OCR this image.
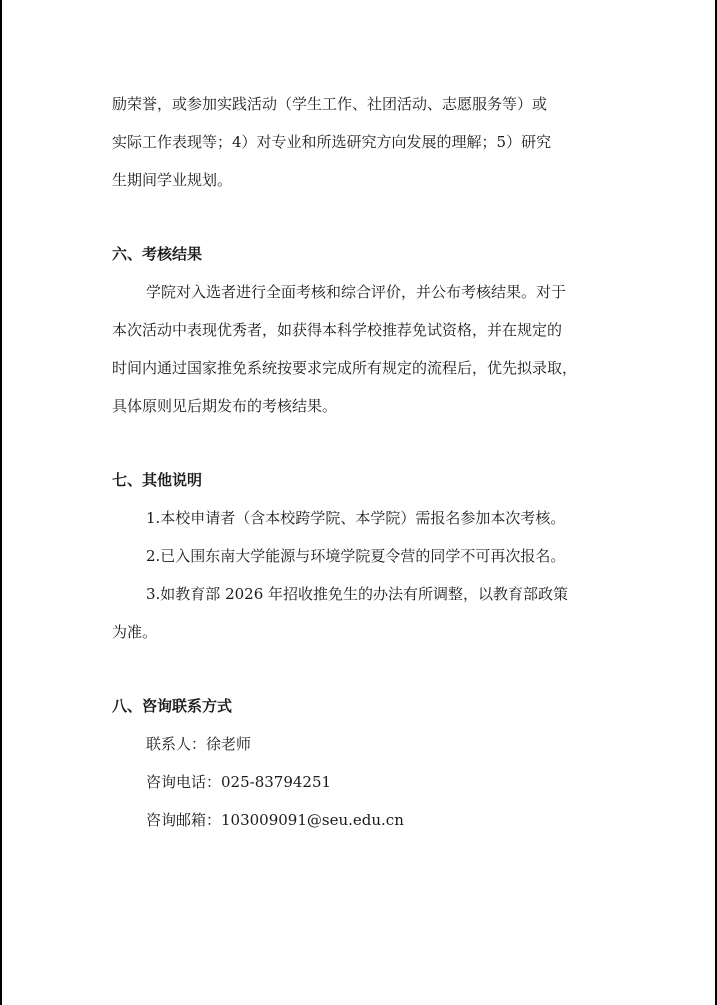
励荣誉，或参加实践活动（学生工作、社团活动、志愿服务等）或
实际工作表现等；4）对专业和所选研究方向发展的理解；5）研究
生期间学业规划。
六、考核结果
学院对入选者进行全面考核和综合评价，并公布考核结果。对于
本次活动中表现优秀者，如获得本科学校推荐免试资格，并在规定的
时间内通过国家推免系统按要求完成所有规定的流程后，优先拟录取，
具体原则见后期发布的考核结果。
七、其他说明
1.本校申请者（含本校跨学院、本学院）需报名参加本次考核。
2.已入围东南大学能源与环境学院夏令营的同学不可再次报名。
3.如教育部 2026 年招收推免生的办法有所调整，以教育部政策
为准。
八、咨询联系方式
联系人：徐老师
咨询电话：025-83794251
咨询邮箱：103009091@seu.edu.cn
